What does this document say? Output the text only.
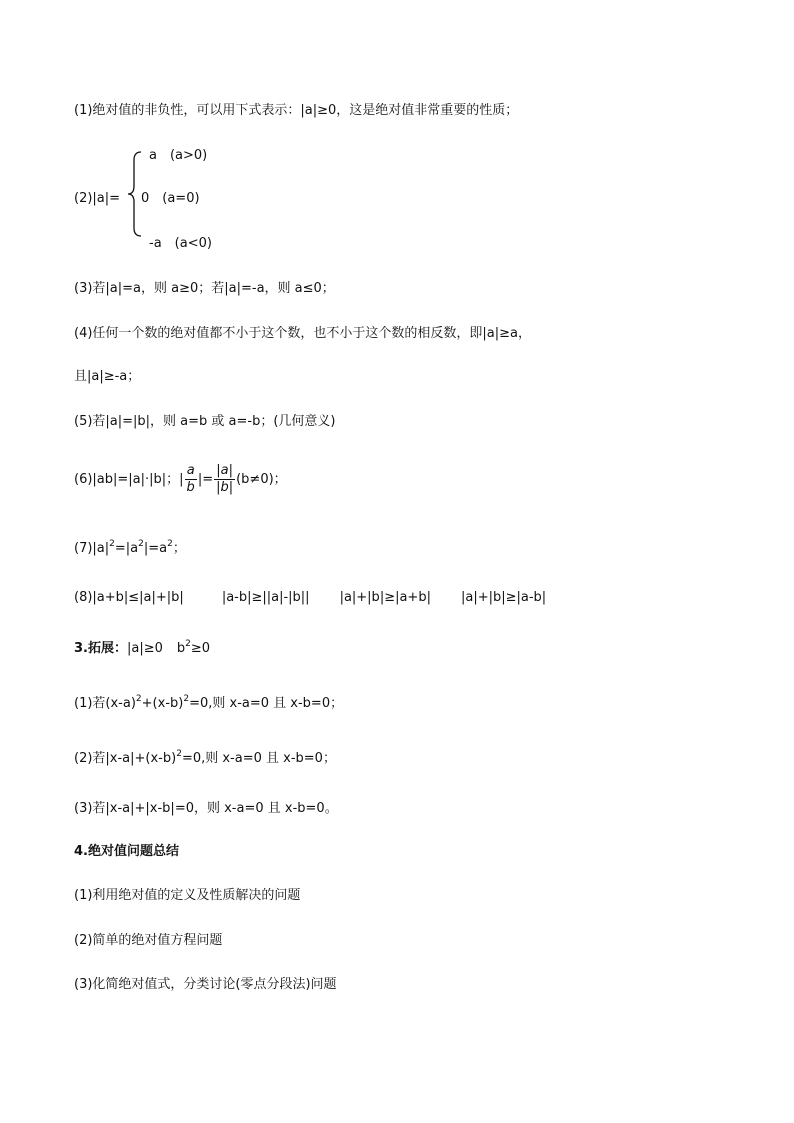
(1)绝对值的非负性，可以用下式表示：|a|≥0，这是绝对值非常重要的性质；
(2)|a|=
a　(a>0)
0　(a=0)
-a　(a<0)
(3)若|a|=a，则 a≥0；若|a|=-a，则 a≤0；
(4)任何一个数的绝对值都不小于这个数，也不小于这个数的相反数，即|a|≥a，
且|a|≥-a；
(5)若|a|=|b|，则 a=b 或 a=-b；(几何意义)
(6)|ab|=|a|·|b|；| $\frac{a}{b}$ |= $\frac{|a|}{|b|} (b\ne 0)$；
$(7)|a|^2=|a^2|=a^2$；
(8)|a+b|≤|a|+|b|	|a-b|≥||a|-|b|| |a|+|b|≥|a+b| |a|+|b|≥|a-b|
3.拓展：|a|≥0 $b^2\ge 0$
(1)若$(x-a)^2+(x-b)^2=0$,则 x-a=0 且 x-b=0；
(2)若$|x-a|+(x-b)^2=0$,则 x-a=0 且 x-b=0；
(3)若|x-a|+|x-b|=0，则 x-a=0 且 x-b=0。
4.绝对值问题总结
(1)利用绝对值的定义及性质解决的问题
(2)简单的绝对值方程问题
(3)化简绝对值式，分类讨论(零点分段法)问题
